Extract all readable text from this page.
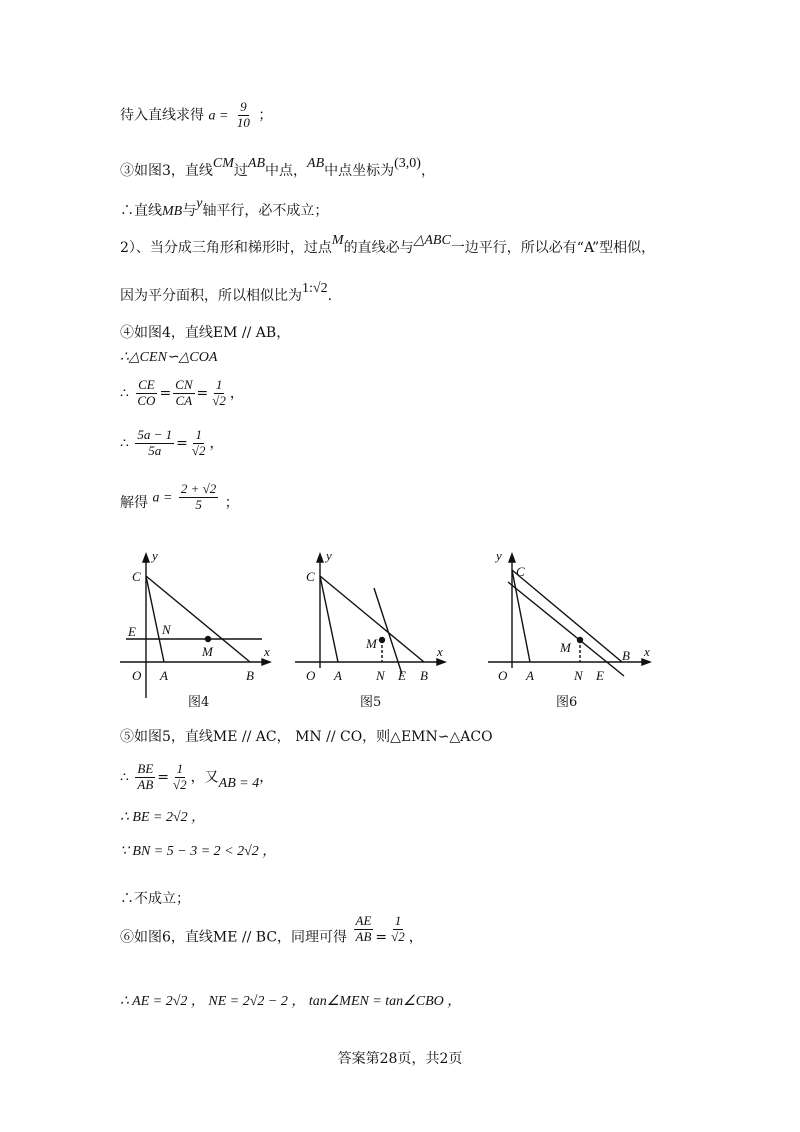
待入直线求得 $a = \frac{9}{10}$ ；
③如图3，直线CM过AB中点，AB中点坐标为(3,0)，
∴直线MB与y轴平行，必不成立；
2）、当分成三角形和梯形时，过点M的直线必与△ABC一边平行，所以必有“A”型相似，
因为平分面积，所以相似比为1:√2.
④如图4，直线EM // AB，
∴△CEN∽△COA
∴ $\frac{CE}{CO} = \frac{CN}{CA} = \frac{1}{√2}$ ，
∴ $\frac{5a - 1}{5a} = \frac{1}{√2}$ ，
解得 $a = \frac{2 + √2}{5}$ ；
y
x
C
E N
M
O A	B
图4
y
x
C
M
O A	N E B
图5
y
x
C
M
O A	N E
B
图6
⑤如图5，直线ME // AC， MN // CO，则△EMN∽△ACO
∴ $\frac{BE}{AB} = \frac{1}{√2}$ ，又AB = 4，
∴ BE = 2√2 ，
∵ BN = 5 − 3 = 2 < 2√2 ，
∴不成立；
⑥如图6，直线ME // BC，同理可得 $\frac{AE}{AB} = \frac{1}{√2}$ ，
∴ AE = 2√2 ， NE = 2√2 − 2 ， tan∠MEN = tan∠CBO ，
答案第28页，共2页
